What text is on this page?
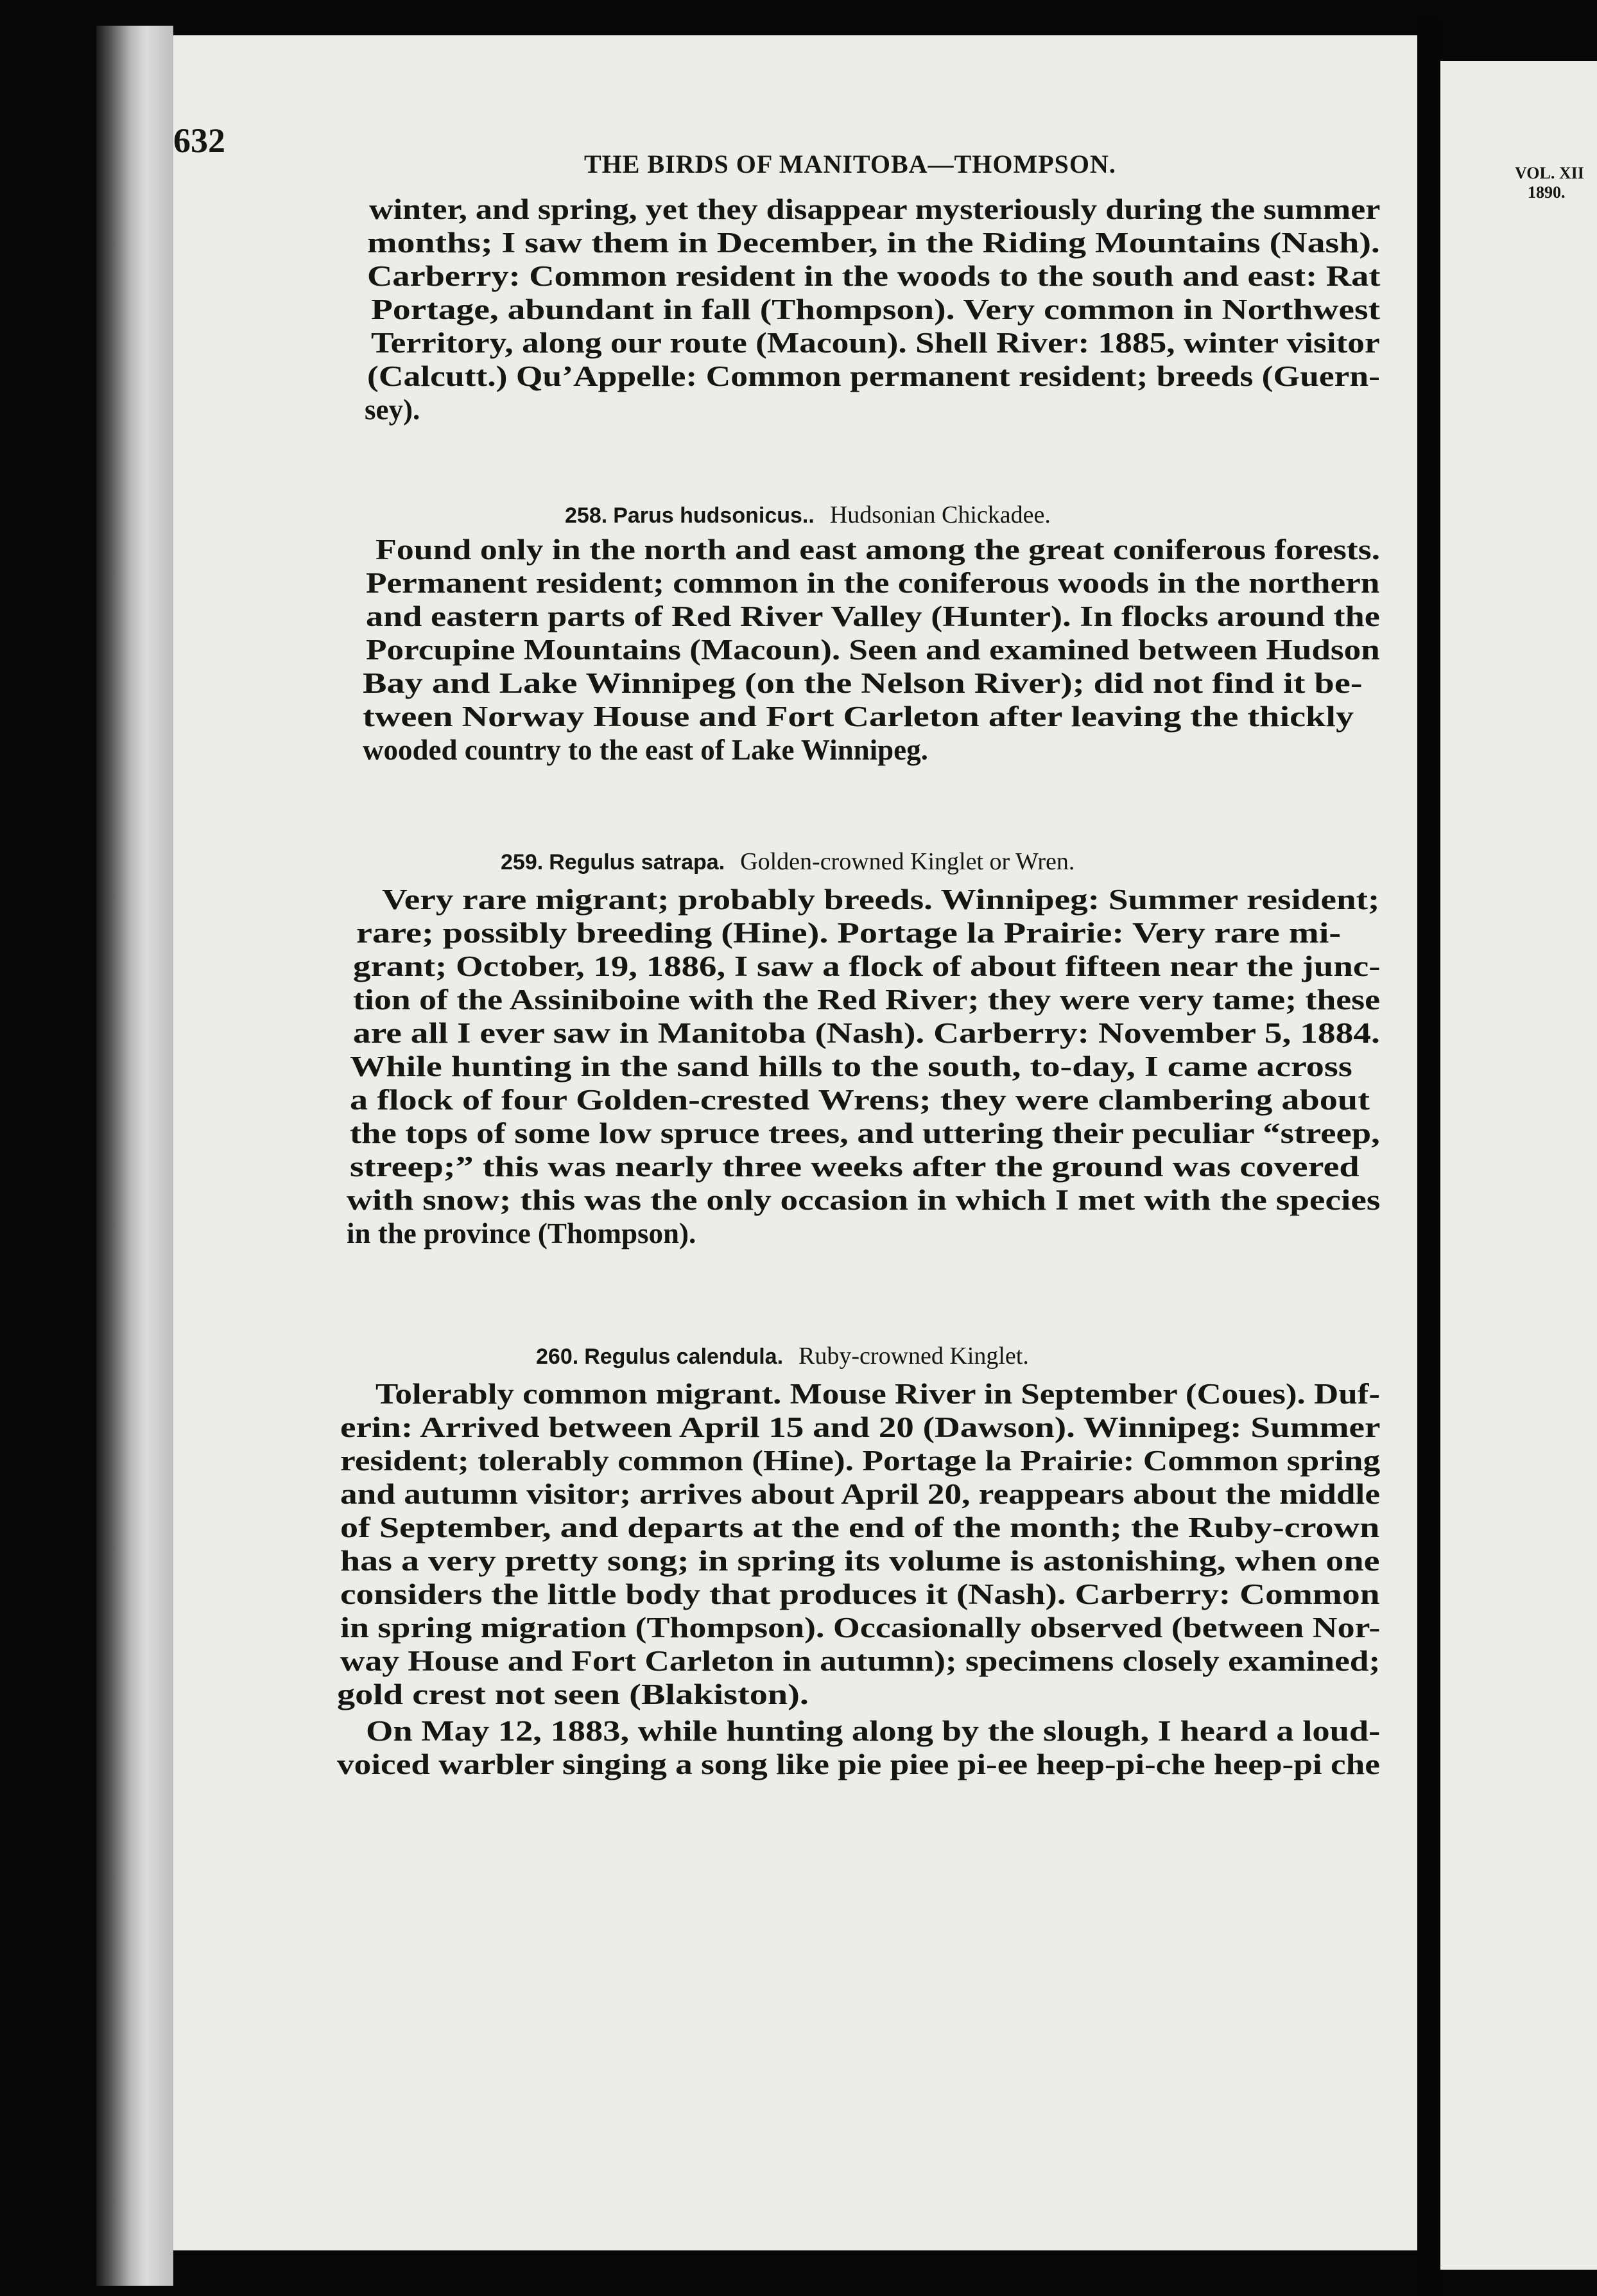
632
THE BIRDS OF MANITOBA—THOMPSON.
winter, and spring, yet they disappear mysteriously during the summer
months; I saw them in December, in the Riding Mountains (Nash).
Carberry: Common resident in the woods to the south and east: Rat
Portage, abundant in fall (Thompson). Very common in Northwest
Territory, along our route (Macoun). Shell River: 1885, winter visitor
(Calcutt.) Qu’Appelle: Common permanent resident; breeds (Guern-
sey).
258. Parus hudsonicus.. Hudsonian Chickadee.
Found only in the north and east among the great coniferous forests.
Permanent resident; common in the coniferous woods in the northern
and eastern parts of Red River Valley (Hunter). In flocks around the
Porcupine Mountains (Macoun). Seen and examined between Hudson
Bay and Lake Winnipeg (on the Nelson River); did not find it be-
tween Norway House and Fort Carleton after leaving the thickly
wooded country to the east of Lake Winnipeg.
259. Regulus satrapa. Golden-crowned Kinglet or Wren.
Very rare migrant; probably breeds. Winnipeg: Summer resident;
rare; possibly breeding (Hine). Portage la Prairie: Very rare mi-
grant; October, 19, 1886, I saw a flock of about fifteen near the junc-
tion of the Assiniboine with the Red River; they were very tame; these
are all I ever saw in Manitoba (Nash). Carberry: November 5, 1884.
While hunting in the sand hills to the south, to-day, I came across
a flock of four Golden-crested Wrens; they were clambering about
the tops of some low spruce trees, and uttering their peculiar “streep,
streep;” this was nearly three weeks after the ground was covered
with snow; this was the only occasion in which I met with the species
in the province (Thompson).
260. Regulus calendula. Ruby-crowned Kinglet.
Tolerably common migrant. Mouse River in September (Coues). Duf-
erin: Arrived between April 15 and 20 (Dawson). Winnipeg: Summer
resident; tolerably common (Hine). Portage la Prairie: Common spring
and autumn visitor; arrives about April 20, reappears about the middle
of September, and departs at the end of the month; the Ruby-crown
has a very pretty song; in spring its volume is astonishing, when one
considers the little body that produces it (Nash). Carberry: Common
in spring migration (Thompson). Occasionally observed (between Nor-
way House and Fort Carleton in autumn); specimens closely examined;
gold crest not seen (Blakiston).
On May 12, 1883, while hunting along by the slough, I heard a loud-
voiced warbler singing a song like pie piee pi-ee heep-pi-che heep-pi che
VOL. XII
1890.
